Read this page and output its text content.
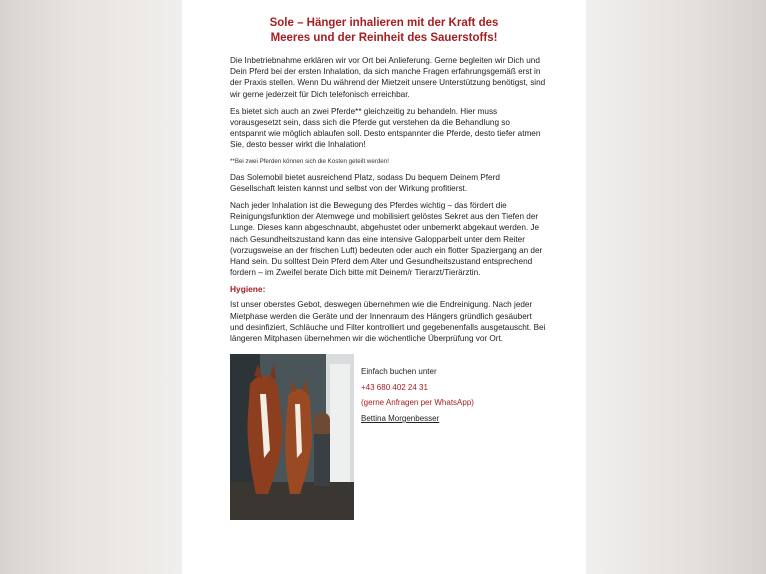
Sole – Hänger inhalieren mit der Kraft des
Meeres und der Reinheit des Sauerstoffs!

Die Inbetriebnahme erklären wir vor Ort bei Anlieferung. Gerne begleiten wir Dich und Dein Pferd bei der ersten Inhalation, da sich manche Fragen erfahrungsgemäß erst in der Praxis stellen. Wenn Du während der Mietzeit unsere Unterstützung benötigst, sind wir gerne jederzeit für Dich telefonisch erreichbar.

Es bietet sich auch an zwei Pferde** gleichzeitig zu behandeln. Hier muss vorausgesetzt sein, dass sich die Pferde gut verstehen da die Behandlung so entspannt wie möglich ablaufen soll. Desto entspannter die Pferde, desto tiefer atmen Sie, desto besser wirkt die Inhalation!

**Bei zwei Pferden können sich die Kosten geteilt werden!

Das Solemobil bietet ausreichend Platz, sodass Du bequem Deinem Pferd Gesellschaft leisten kannst und selbst von der Wirkung profitierst.

Nach jeder Inhalation ist die Bewegung des Pferdes wichtig – das fördert die Reinigungsfunktion der Atemwege und mobilisiert gelöstes Sekret aus den Tiefen der Lunge. Dieses kann abgeschnaubt, abgehustet oder unbemerkt abgekaut werden. Je nach Gesundheitszustand kann das eine intensive Galopparbeit unter dem Reiter (vorzugsweise an der frischen Luft) bedeuten oder auch ein flotter Spaziergang an der Hand sein. Du solltest Dein Pferd dem Alter und Gesundheitszustand entsprechend fordern – im Zweifel berate Dich bitte mit Deinem/r Tierarzt/Tierärztin.

Hygiene:

Ist unser oberstes Gebot, deswegen übernehmen wie die Endreinigung. Nach jeder Mietphase werden die Geräte und der Innenraum des Hängers gründlich gesäubert und desinfiziert, Schläuche und Filter kontrolliert und gegebenenfalls ausgetauscht. Bei längeren Mitphasen übernehmen wir die wöchentliche Überprüfung vor Ort.

Einfach buchen unter
+43 680 402 24 31
(gerne Anfragen per WhatsApp)
Bettina Morgenbesser
